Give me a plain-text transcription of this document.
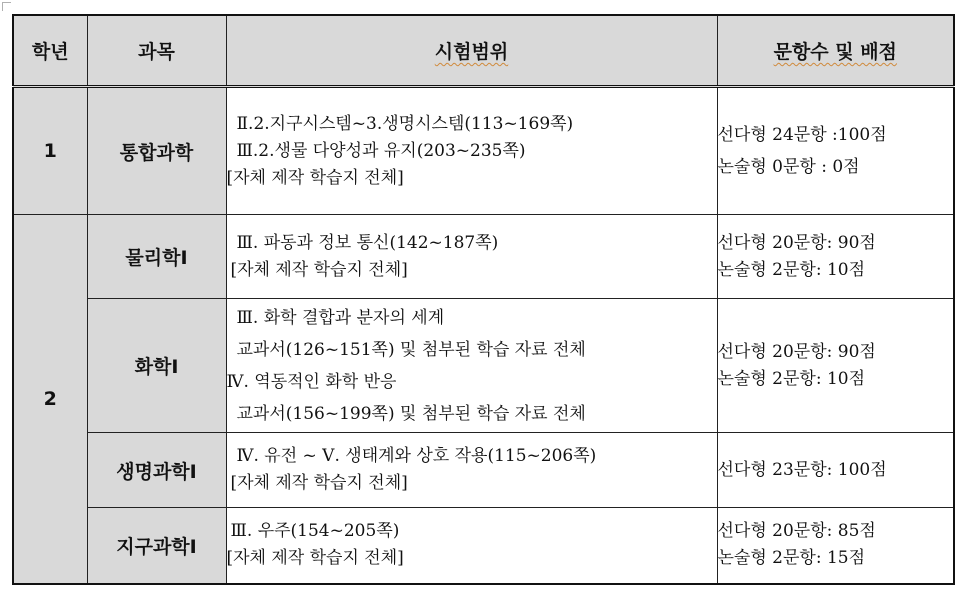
학년	과목	시험범위	문항수 및 배점
1	통합과학	Ⅱ.2.지구시스템~3.생명시스템(113~169쪽)
Ⅲ.2.생물 다양성과 유지(203~235쪽)
[자체 제작 학습지 전체]	선다형 24문항 :100점
논술형 0문항 : 0점

2	물리학Ⅰ	Ⅲ. 파동과 정보 통신(142~187쪽)
[자체 제작 학습지 전체]	선다형 20문항: 90점
논술형 2문항: 10점

	화학Ⅰ	Ⅲ. 화학 결합과 분자의 세계
교과서(126~151쪽) 및 첨부된 학습 자료 전체
Ⅳ. 역동적인 화학 반응
교과서(156~199쪽) 및 첨부된 학습 자료 전체	선다형 20문항: 90점
논술형 2문항: 10점

	생명과학Ⅰ	Ⅳ. 유전 ~ Ⅴ. 생태계와 상호 작용(115~206쪽)
[자체 제작 학습지 전체]	선다형 23문항: 100점

	지구과학Ⅰ	Ⅲ. 우주(154~205쪽)
[자체 제작 학습지 전체]	선다형 20문항: 85점
논술형 2문항: 15점
